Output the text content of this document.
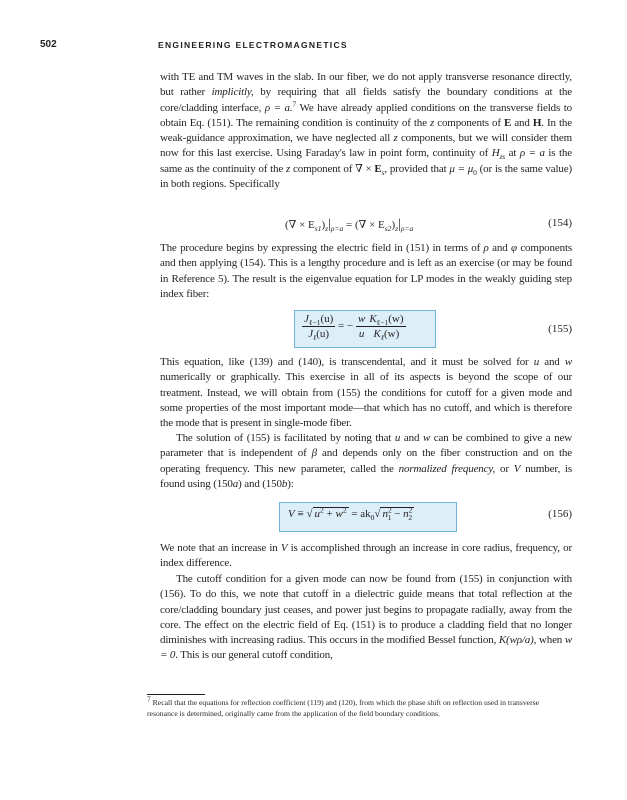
502	ENGINEERING ELECTROMAGNETICS

with TE and TM waves in the slab. In our fiber, we do not apply transverse resonance directly, but rather implicitly, by requiring that all fields satisfy the boundary conditions at the core/cladding interface, ρ = a.$^7$ We have already applied conditions on the transverse fields to obtain Eq. (151). The remaining condition is continuity of the z components of E and H. In the weak-guidance approximation, we have neglected all z components, but we will consider them now for this last exercise. Using Faraday's law in point form, continuity of $H_{zs}$ at ρ = a is the same as the continuity of the z component of ∇ × $E_s$, provided that $\mu = \mu_0$ (or is the same value) in both regions. Specifically

(∇ × $E_{s1})_z|_{\rho=a}$ = (∇ × $E_{s2})_z|_{\rho=a}$	(154)

The procedure begins by expressing the electric field in (151) in terms of ρ and φ components and then applying (154). This is a lengthy procedure and is left as an exercise (or may be found in Reference 5). The result is the eigenvalue equation for LP modes in the weakly guiding step index fiber:

$\frac{J_{\ell-1}(u)}{J_\ell(u)}$ = − $\frac{w}{u} \frac{K_{\ell-1}(w)}{K_\ell(w)}$	(155)

This equation, like (139) and (140), is transcendental, and it must be solved for u and w numerically or graphically. This exercise in all of its aspects is beyond the scope of our treatment. Instead, we will obtain from (155) the conditions for cutoff for a given mode and some properties of the most important mode—that which has no cutoff, and which is therefore the mode that is present in single-mode fiber.

The solution of (155) is facilitated by noting that u and w can be combined to give a new parameter that is independent of β and depends only on the fiber construction and on the operating frequency. This new parameter, called the normalized frequency, or V number, is found using (150a) and (150b):

V ≡ √ $u^2 + w^2 = ak_0√$ $n^2_1 - n^2_2$	(156)

We note that an increase in V is accomplished through an increase in core radius, frequency, or index difference.

The cutoff condition for a given mode can now be found from (155) in conjunction with (156). To do this, we note that cutoff in a dielectric guide means that total reflection at the core/cladding boundary just ceases, and power just begins to propagate radially, away from the core. The effect on the electric field of Eq. (151) is to produce a cladding field that no longer diminishes with increasing radius. This occurs in the modified Bessel function, K(wρ/a), when w = 0. This is our general cutoff condition,

$^7$ Recall that the equations for reflection coefficient (119) and (120), from which the phase shift on reflection used in transverse resonance is determined, originally came from the application of the field boundary conditions.
